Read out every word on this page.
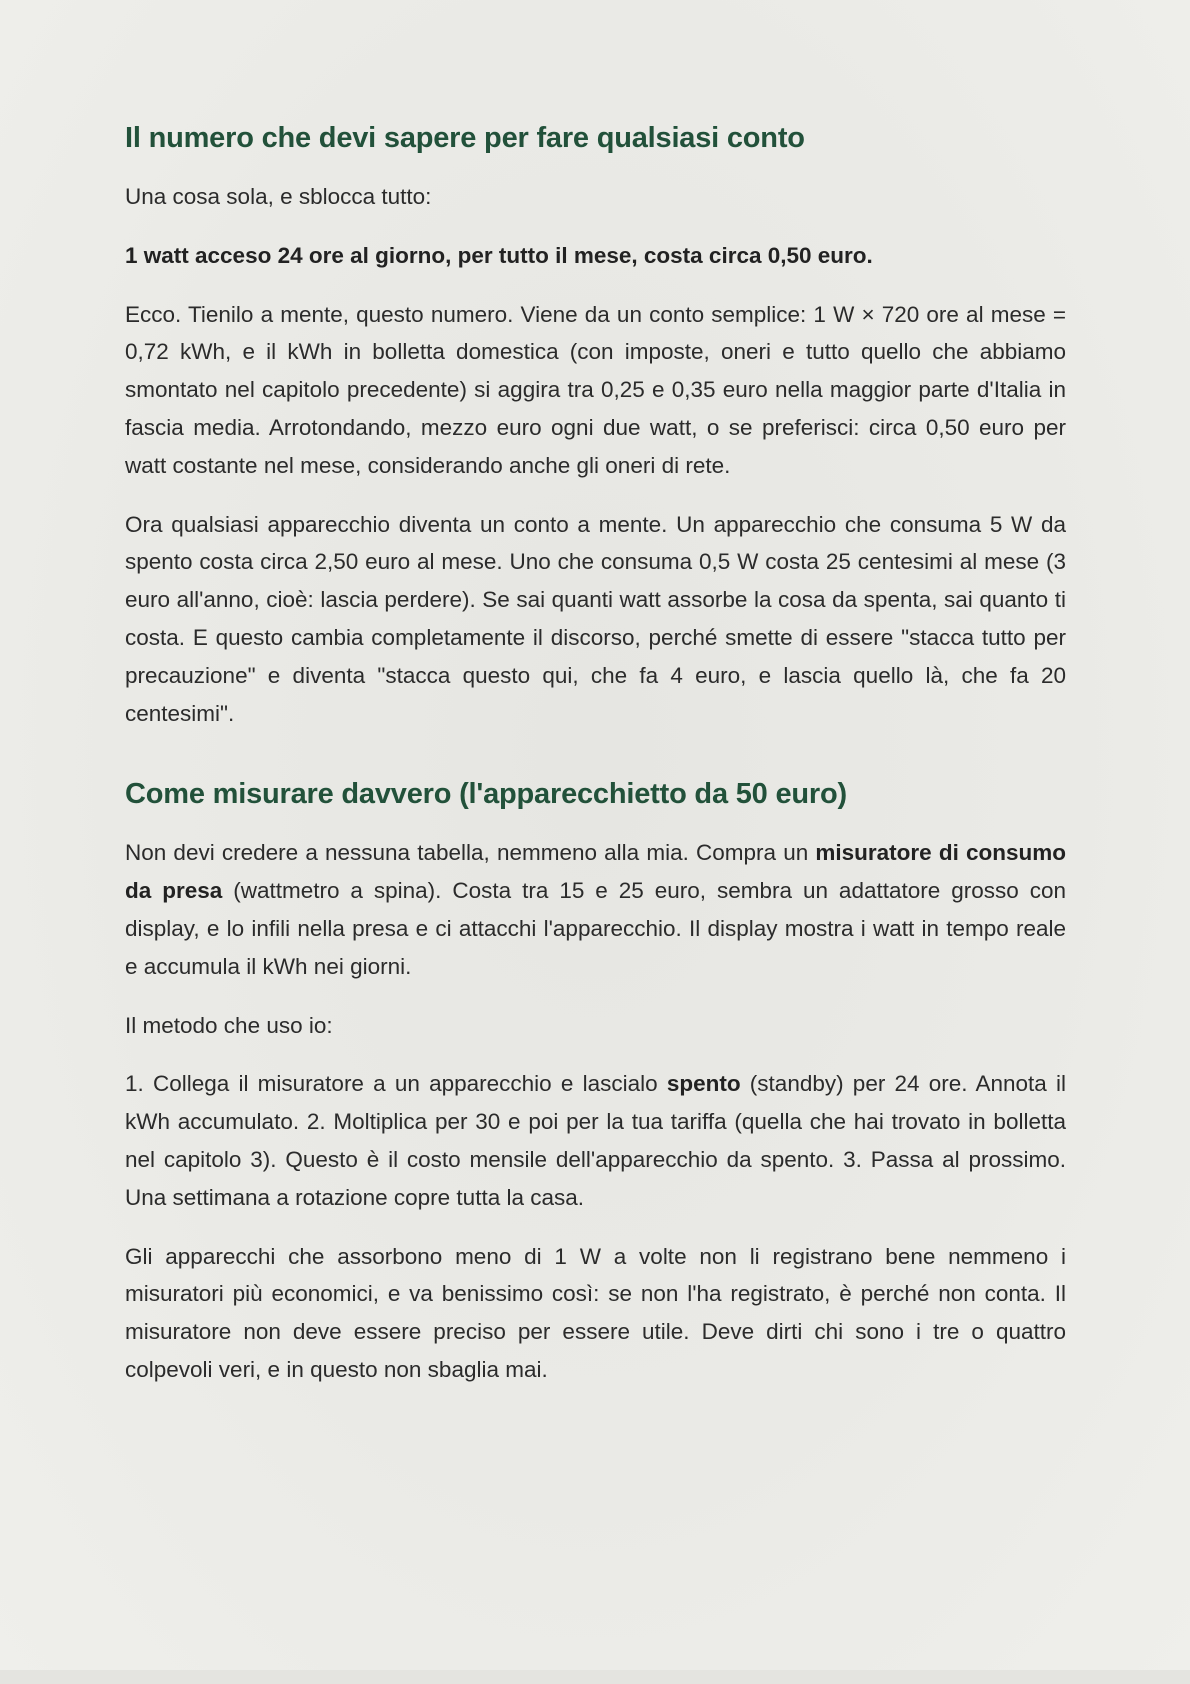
Il numero che devi sapere per fare qualsiasi conto

Una cosa sola, e sblocca tutto:

1 watt acceso 24 ore al giorno, per tutto il mese, costa circa 0,50 euro.

Ecco. Tienilo a mente, questo numero. Viene da un conto semplice: 1 W × 720 ore al mese = 0,72 kWh, e il kWh in bolletta domestica (con imposte, oneri e tutto quello che abbiamo smontato nel capitolo precedente) si aggira tra 0,25 e 0,35 euro nella maggior parte d'Italia in fascia media. Arrotondando, mezzo euro ogni due watt, o se preferisci: circa 0,50 euro per watt costante nel mese, considerando anche gli oneri di rete.

Ora qualsiasi apparecchio diventa un conto a mente. Un apparecchio che consuma 5 W da spento costa circa 2,50 euro al mese. Uno che consuma 0,5 W costa 25 centesimi al mese (3 euro all'anno, cioè: lascia perdere). Se sai quanti watt assorbe la cosa da spenta, sai quanto ti costa. E questo cambia completamente il discorso, perché smette di essere "stacca tutto per precauzione" e diventa "stacca questo qui, che fa 4 euro, e lascia quello là, che fa 20 centesimi".

Come misurare davvero (l'apparecchietto da 50 euro)

Non devi credere a nessuna tabella, nemmeno alla mia. Compra un misuratore di consumo da presa (wattmetro a spina). Costa tra 15 e 25 euro, sembra un adattatore grosso con display, e lo infili nella presa e ci attacchi l'apparecchio. Il display mostra i watt in tempo reale e accumula il kWh nei giorni.

Il metodo che uso io:

1. Collega il misuratore a un apparecchio e lascialo spento (standby) per 24 ore. Annota il kWh accumulato. 2. Moltiplica per 30 e poi per la tua tariffa (quella che hai trovato in bolletta nel capitolo 3). Questo è il costo mensile dell'apparecchio da spento. 3. Passa al prossimo. Una settimana a rotazione copre tutta la casa.

Gli apparecchi che assorbono meno di 1 W a volte non li registrano bene nemmeno i misuratori più economici, e va benissimo così: se non l'ha registrato, è perché non conta. Il misuratore non deve essere preciso per essere utile. Deve dirti chi sono i tre o quattro colpevoli veri, e in questo non sbaglia mai.
